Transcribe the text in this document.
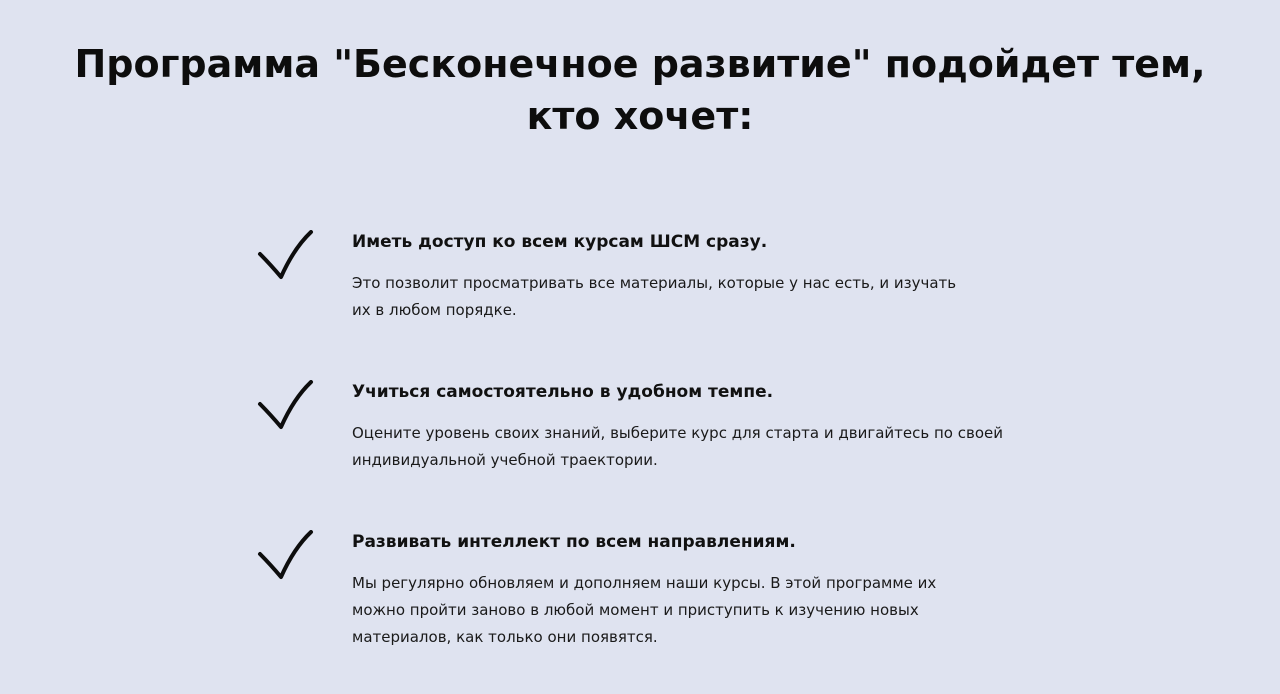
Программа "Бесконечное развитие" подойдет тем,
кто хочет:

Иметь доступ ко всем курсам ШСМ сразу.

Это позволит просматривать все материалы, которые у нас есть, и изучать
их в любом порядке.

Учиться самостоятельно в удобном темпе.

Оцените уровень своих знаний, выберите курс для старта и двигайтесь по своей
индивидуальной учебной траектории.

Развивать интеллект по всем направлениям.

Мы регулярно обновляем и дополняем наши курсы. В этой программе их
можно пройти заново в любой момент и приступить к изучению новых
материалов, как только они появятся.
